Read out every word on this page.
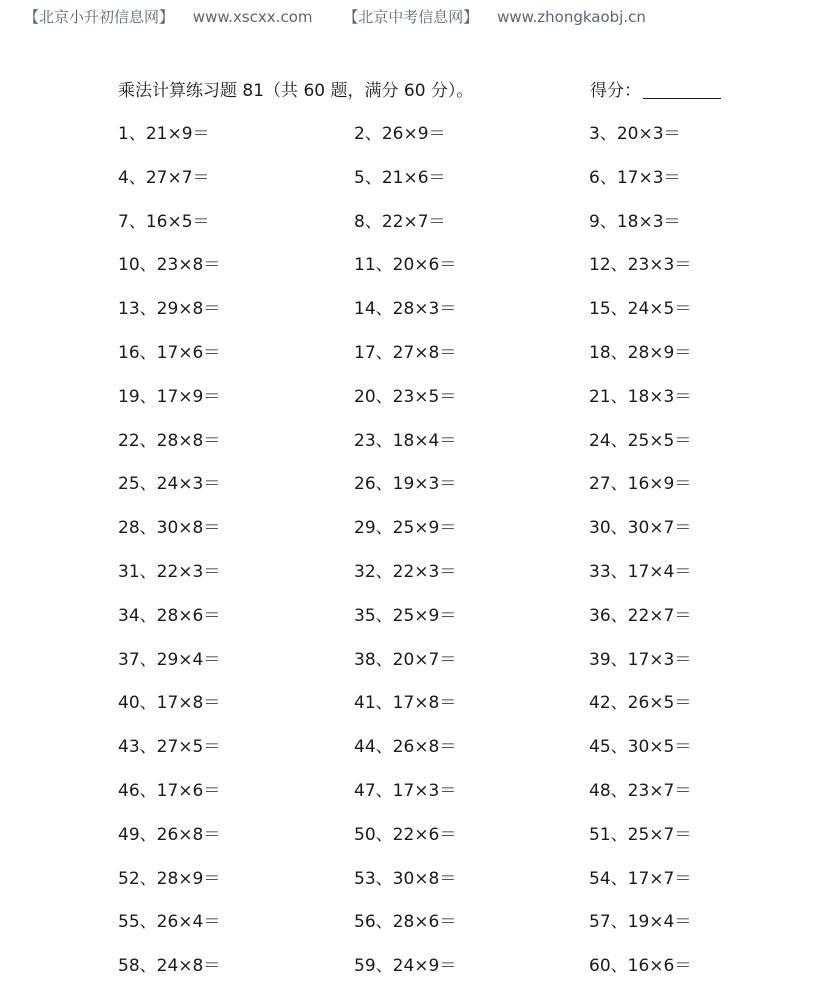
【北京小升初信息网】 www.xscxx.com 【北京中考信息网】 www.zhongkaobj.cn
乘法计算练习题 81（共 60 题，满分 60 分）。	得分：
1、21×9＝	2、26×9＝	3、20×3＝
4、27×7＝	5、21×6＝	6、17×3＝
7、16×5＝	8、22×7＝	9、18×3＝
10、23×8＝	11、20×6＝	12、23×3＝
13、29×8＝	14、28×3＝	15、24×5＝
16、17×6＝	17、27×8＝	18、28×9＝
19、17×9＝	20、23×5＝	21、18×3＝
22、28×8＝	23、18×4＝	24、25×5＝
25、24×3＝	26、19×3＝	27、16×9＝
28、30×8＝	29、25×9＝	30、30×7＝
31、22×3＝	32、22×3＝	33、17×4＝
34、28×6＝	35、25×9＝	36、22×7＝
37、29×4＝	38、20×7＝	39、17×3＝
40、17×8＝	41、17×8＝	42、26×5＝
43、27×5＝	44、26×8＝	45、30×5＝
46、17×6＝	47、17×3＝	48、23×7＝
49、26×8＝	50、22×6＝	51、25×7＝
52、28×9＝	53、30×8＝	54、17×7＝
55、26×4＝	56、28×6＝	57、19×4＝
58、24×8＝	59、24×9＝	60、16×6＝
